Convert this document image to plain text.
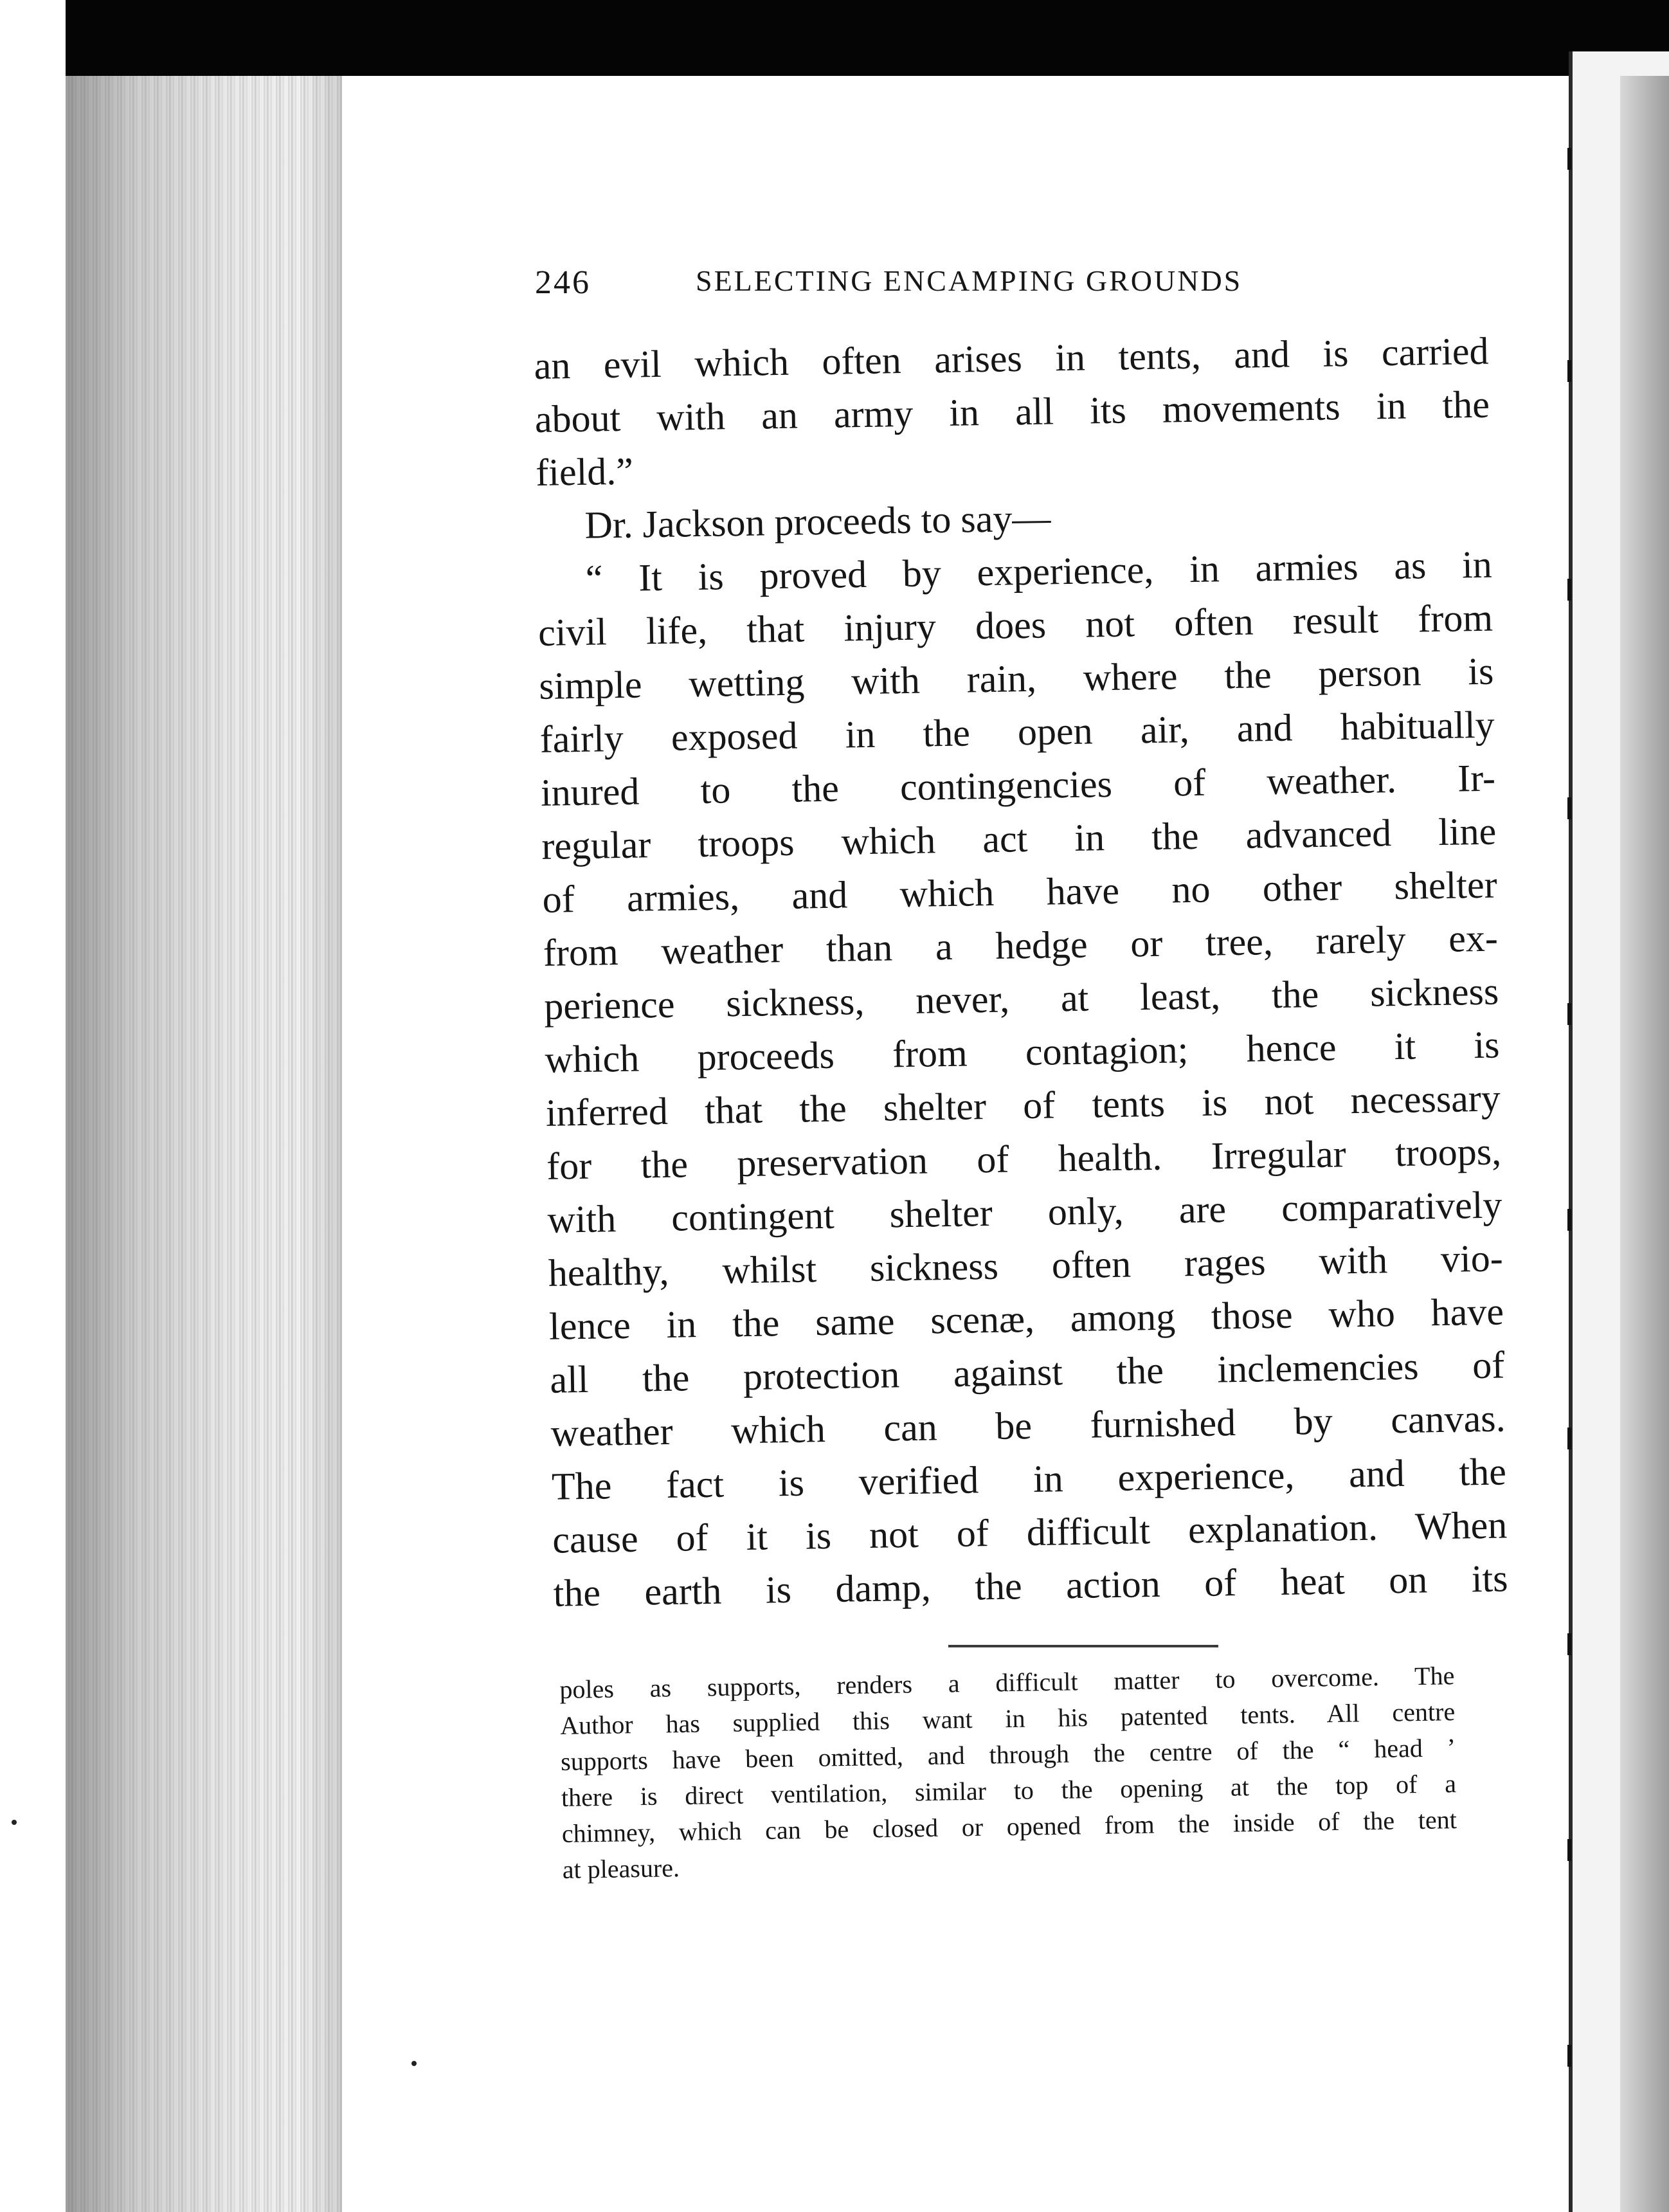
246	SELECTING ENCAMPING GROUNDS
an evil which often arises in tents, and is carried
about with an army in all its movements in the
field.”
Dr. Jackson proceeds to say—
“ It is proved by experience, in armies as in
civil life, that injury does not often result from
simple wetting with rain, where the person is
fairly exposed in the open air, and habitually
inured to the contingencies of weather. Ir-
regular troops which act in the advanced line
of armies, and which have no other shelter
from weather than a hedge or tree, rarely ex-
perience sickness, never, at least, the sickness
which proceeds from contagion; hence it is
inferred that the shelter of tents is not necessary
for the preservation of health. Irregular troops,
with contingent shelter only, are comparatively
healthy, whilst sickness often rages with vio-
lence in the same scenæ, among those who have
all the protection against the inclemencies of
weather which can be furnished by canvas.
The fact is verified in experience, and the
cause of it is not of difficult explanation. When
the earth is damp, the action of heat on its
poles as supports, renders a difficult matter to overcome. The
Author has supplied this want in his patented tents. All centre
supports have been omitted, and through the centre of the “ head ’
there is direct ventilation, similar to the opening at the top of a
chimney, which can be closed or opened from the inside of the tent
at pleasure.
